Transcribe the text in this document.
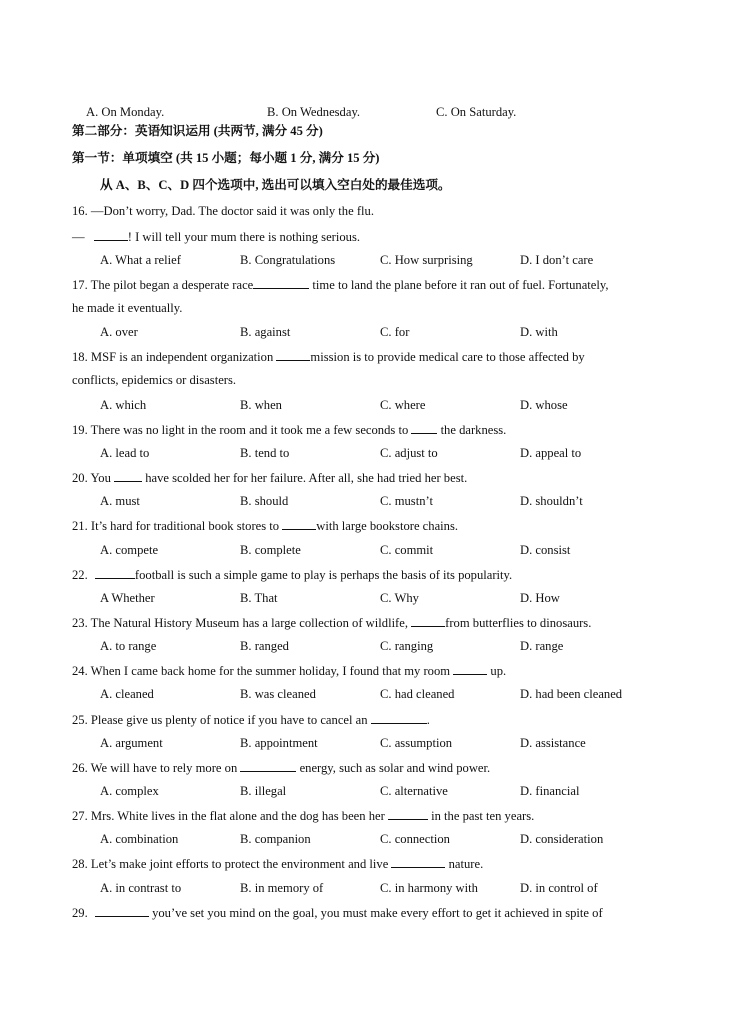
A. On Monday.	B. On Wednesday.	C. On Saturday.
第二部分：英语知识运用 (共两节, 满分 45 分)
第一节：单项填空 (共 15 小题；每小题 1 分, 满分 15 分)
从 A、B、C、D 四个选项中, 选出可以填入空白处的最佳选项。
16. —Don’t worry, Dad. The doctor said it was only the flu.
—	! I will tell your mum there is nothing serious.
A. What a relief	B. Congratulations	C. How surprising	D. I don’t care
17. The pilot began a desperate race	time to land the plane before it ran out of fuel. Fortunately,
he made it eventually.
A. over	B. against	C. for	D. with
18. MSF is an independent organization	mission is to provide medical care to those affected by
conflicts, epidemics or disasters.
A. which	B. when	C. where	D. whose
19. There was no light in the room and it took me a few seconds to	the darkness.
A. lead to	B. tend to	C. adjust to	D. appeal to
20. You	have scolded her for her failure. After all, she had tried her best.
A. must	B. should	C. mustn’t	D. shouldn’t
21. It’s hard for traditional book stores to	with large bookstore chains.
A. compete	B. complete	C. commit	D. consist
22.	football is such a simple game to play is perhaps the basis of its popularity.
A Whether	B. That	C. Why	D. How
23. The Natural History Museum has a large collection of wildlife,	from butterflies to dinosaurs.
A. to range	B. ranged	C. ranging	D. range
24. When I came back home for the summer holiday, I found that my room	up.
A. cleaned	B. was cleaned	C. had cleaned	D. had been cleaned
25. Please give us plenty of notice if you have to cancel an	.
A. argument	B. appointment	C. assumption	D. assistance
26. We will have to rely more on	energy, such as solar and wind power.
A. complex	B. illegal	C. alternative	D. financial
27. Mrs. White lives in the flat alone and the dog has been her	in the past ten years.
A. combination	B. companion	C. connection	D. consideration
28. Let’s make joint efforts to protect the environment and live	nature.
A. in contrast to	B. in memory of	C. in harmony with	D. in control of
29.	you’ve set you mind on the goal, you must make every effort to get it achieved in spite of
